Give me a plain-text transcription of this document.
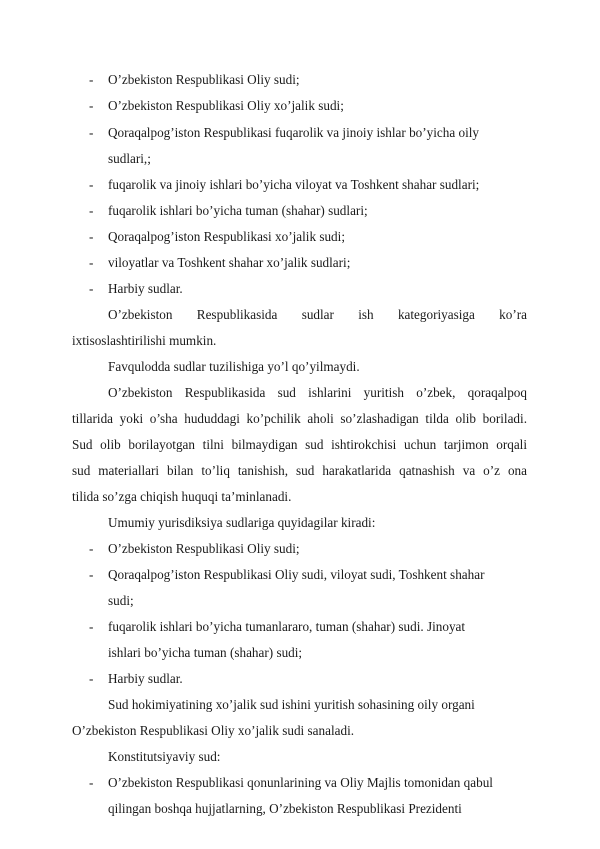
- O’zbekiston Respublikasi Oliy sudi;
- O’zbekiston Respublikasi Oliy xo’jalik sudi;
- Qoraqalpog’iston Respublikasi fuqarolik va jinoiy ishlar bo’yicha oily
sudlari,;
- fuqarolik va jinoiy ishlari bo’yicha viloyat va Toshkent shahar sudlari;
- fuqarolik ishlari bo’yicha tuman (shahar) sudlari;
- Qoraqalpog’iston Respublikasi xo’jalik sudi;
- viloyatlar va Toshkent shahar xo’jalik sudlari;
- Harbiy sudlar.
O’zbekiston Respublikasida sudlar ish kategoriyasiga ko’ra
ixtisoslashtirilishi mumkin.
Favqulodda sudlar tuzilishiga yo’l qo’yilmaydi.
O’zbekiston Respublikasida sud ishlarini yuritish o’zbek, qoraqalpoq
tillarida yoki o’sha hududdagi ko’pchilik aholi so’zlashadigan tilda olib boriladi.
Sud olib borilayotgan tilni bilmaydigan sud ishtirokchisi uchun tarjimon orqali
sud materiallari bilan to’liq tanishish, sud harakatlarida qatnashish va o’z ona
tilida so’zga chiqish huquqi ta’minlanadi.
Umumiy yurisdiksiya sudlariga quyidagilar kiradi:
- O’zbekiston Respublikasi Oliy sudi;
- Qoraqalpog’iston Respublikasi Oliy sudi, viloyat sudi, Toshkent shahar
sudi;
- fuqarolik ishlari bo’yicha tumanlararo, tuman (shahar) sudi. Jinoyat
ishlari bo’yicha tuman (shahar) sudi;
- Harbiy sudlar.
Sud hokimiyatining xo’jalik sud ishini yuritish sohasining oily organi
O’zbekiston Respublikasi Oliy xo’jalik sudi sanaladi.
Konstitutsiyaviy sud:
- O’zbekiston Respublikasi qonunlarining va Oliy Majlis tomonidan qabul
qilingan boshqa hujjatlarning, O’zbekiston Respublikasi Prezidenti
